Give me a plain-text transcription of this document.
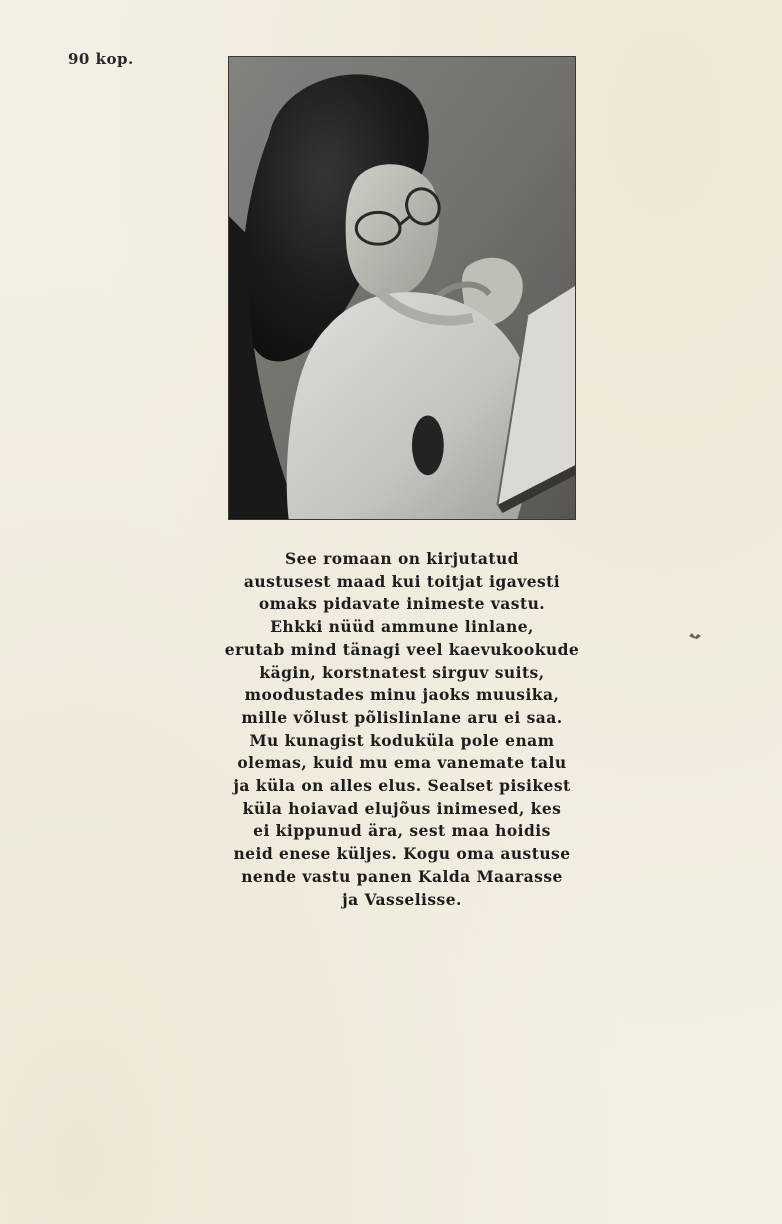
90 kop.
See romaan on kirjutatud
austusest maad kui toitjat igavesti
omaks pidavate inimeste vastu.
Ehkki nüüd ammune linlane,
erutab mind tänagi veel kaevukookude
kägin, korstnatest sirguv suits,
moodustades minu jaoks muusika,
mille võlust põlislinlane aru ei saa.
Mu kunagist koduküla pole enam
olemas, kuid mu ema vanemate talu
ja küla on alles elus. Sealset pisikest
küla hoiavad elujõus inimesed, kes
ei kippunud ära, sest maa hoidis
neid enese küljes. Kogu oma austuse
nende vastu panen Kalda Maarasse
ja Vasselisse.
